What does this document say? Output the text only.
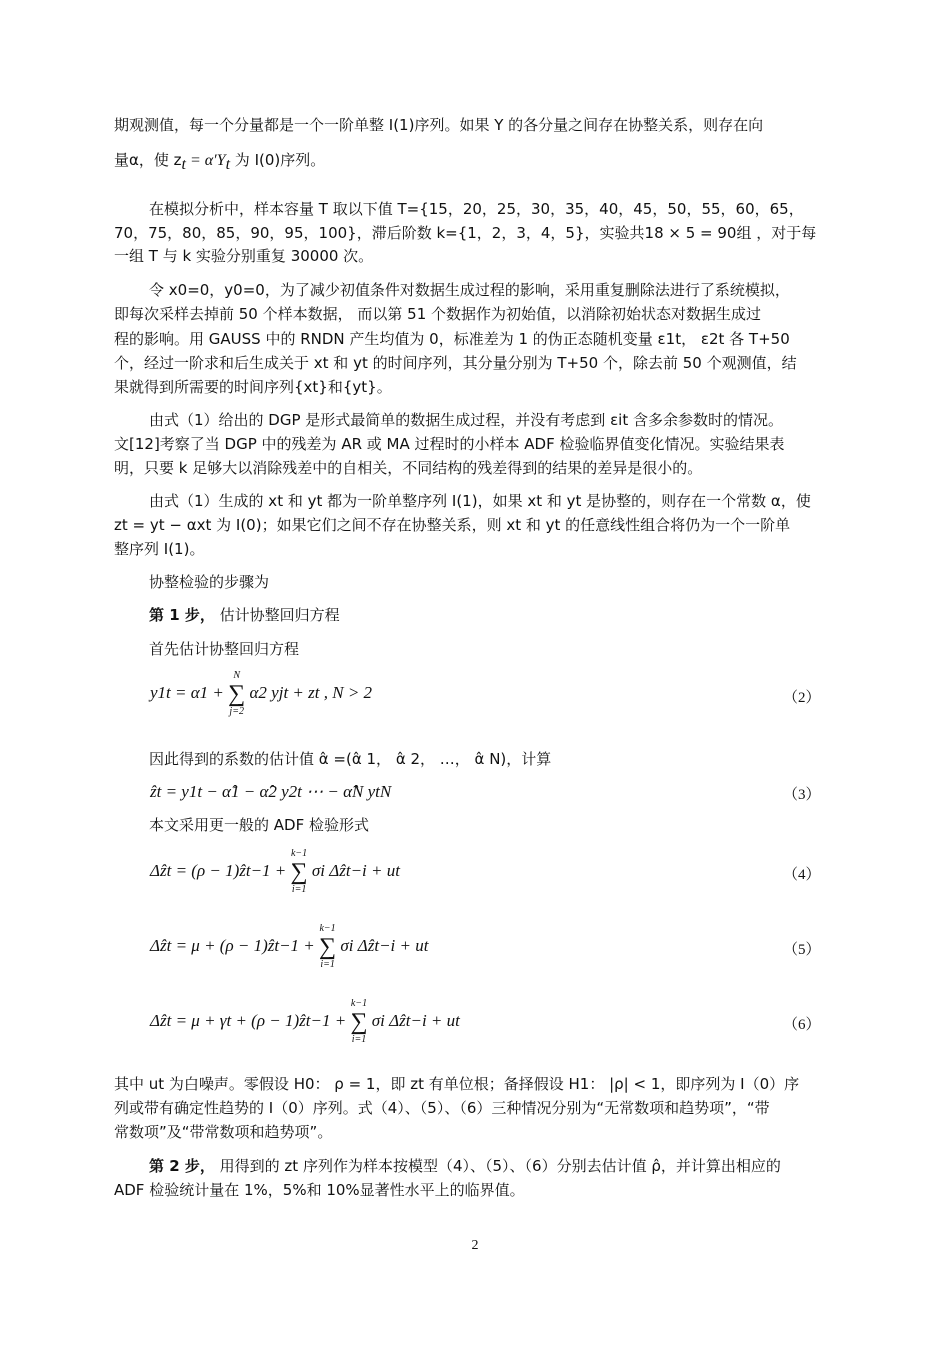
期观测值，每一个分量都是一个一阶单整 I(1)序列。如果 Y 的各分量之间存在协整关系，则存在向
量α，使 $z_t = \alpha'Y_t$ 为 I(0)序列。
在模拟分析中，样本容量 T 取以下值 T={15，20，25，30，35，40，45，50，55，60，65，
70，75，80，85，90，95，100}，滞后阶数 k={1，2，3，4，5}，实验共18 × 5 = 90组 ，对于每
一组 T 与 k 实验分别重复 30000 次。
令 x0=0，y0=0，为了减少初值条件对数据生成过程的影响，采用重复删除法进行了系统模拟，
即每次采样去掉前 50 个样本数据， 而以第 51 个数据作为初始值，以消除初始状态对数据生成过
程的影响。用 GAUSS 中的 RNDN 产生均值为 0，标准差为 1 的伪正态随机变量 ε1t， ε2t 各 T+50
个，经过一阶求和后生成关于 xt 和 yt 的时间序列，其分量分别为 T+50 个，除去前 50 个观测值，结
果就得到所需要的时间序列{xt}和{yt}。
由式（1）给出的 DGP 是形式最简单的数据生成过程，并没有考虑到 εit 含多余参数时的情况。
文[12]考察了当 DGP 中的残差为 AR 或 MA 过程时的小样本 ADF 检验临界值变化情况。实验结果表
明，只要 k 足够大以消除残差中的自相关，不同结构的残差得到的结果的差异是很小的。
由式（1）生成的 xt 和 yt 都为一阶单整序列 I(1)，如果 xt 和 yt 是协整的，则存在一个常数 α，使
zt = yt − αxt 为 I(0)；如果它们之间不存在协整关系，则 xt 和 yt 的任意线性组合将仍为一个一阶单
整序列 I(1)。
协整检验的步骤为
第 1 步， 估计协整回归方程
首先估计协整回归方程
y1t = α1 +
N
∑
j=2
α2 yjt + zt , N > 2	（2）
因此得到的系数的估计值 α̂ =(α̂ 1， α̂ 2， …， α̂ N)，计算
ẑt = y1t − α̂1 − α̂2 y2t ⋯ − α̂N ytN	（3）
本文采用更一般的 ADF 检验形式
Δẑt = (ρ − 1)ẑt−1 +
k−1
∑
i=1
σi Δẑt−i + ut	（4）
Δẑt = μ + (ρ − 1)ẑt−1 +
k−1
∑
i=1
σi Δẑt−i + ut	（5）
Δẑt = μ + γt + (ρ − 1)ẑt−1 +
k−1
∑
i=1
σi Δẑt−i + ut	（6）
其中 ut 为白噪声。零假设 H0： ρ = 1，即 zt 有单位根；备择假设 H1： |ρ| < 1，即序列为 I（0）序
列或带有确定性趋势的 I（0）序列。式（4）、（5）、（6）三种情况分别为“无常数项和趋势项”，“带
常数项”及“带常数项和趋势项”。
第 2 步， 用得到的 zt 序列作为样本按模型（4）、（5）、（6）分别去估计值 ρ̂，并计算出相应的
ADF 检验统计量在 1%，5%和 10%显著性水平上的临界值。
2
